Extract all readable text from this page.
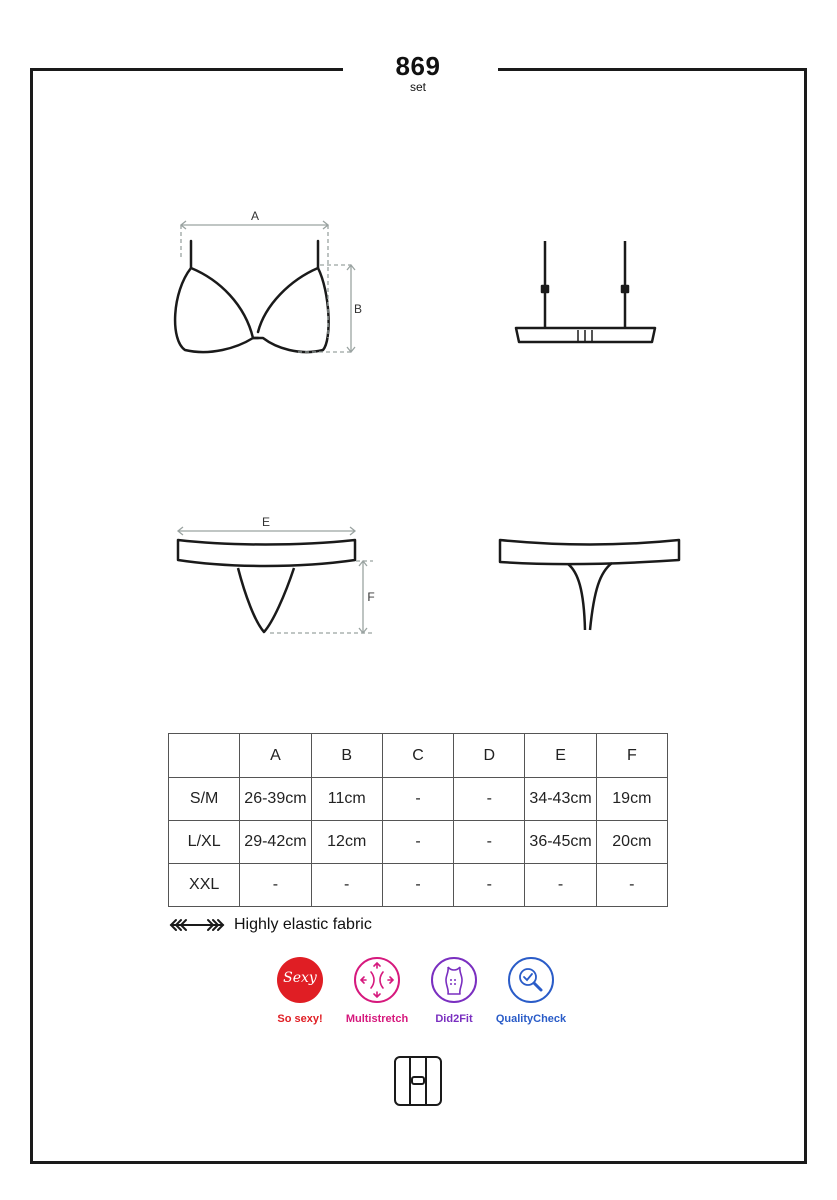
869
set
A
B
E
F
	A	B	C	D	E	F
S/M	26-39cm	11cm	-	-	34-43cm	19cm
L/XL	29-42cm	12cm	-	-	36-45cm	20cm
XXL	-	-	-	-	-	-
Highly elastic fabric
Sexy
So sexy!	Multistretch	Did2Fit	QualityCheck
